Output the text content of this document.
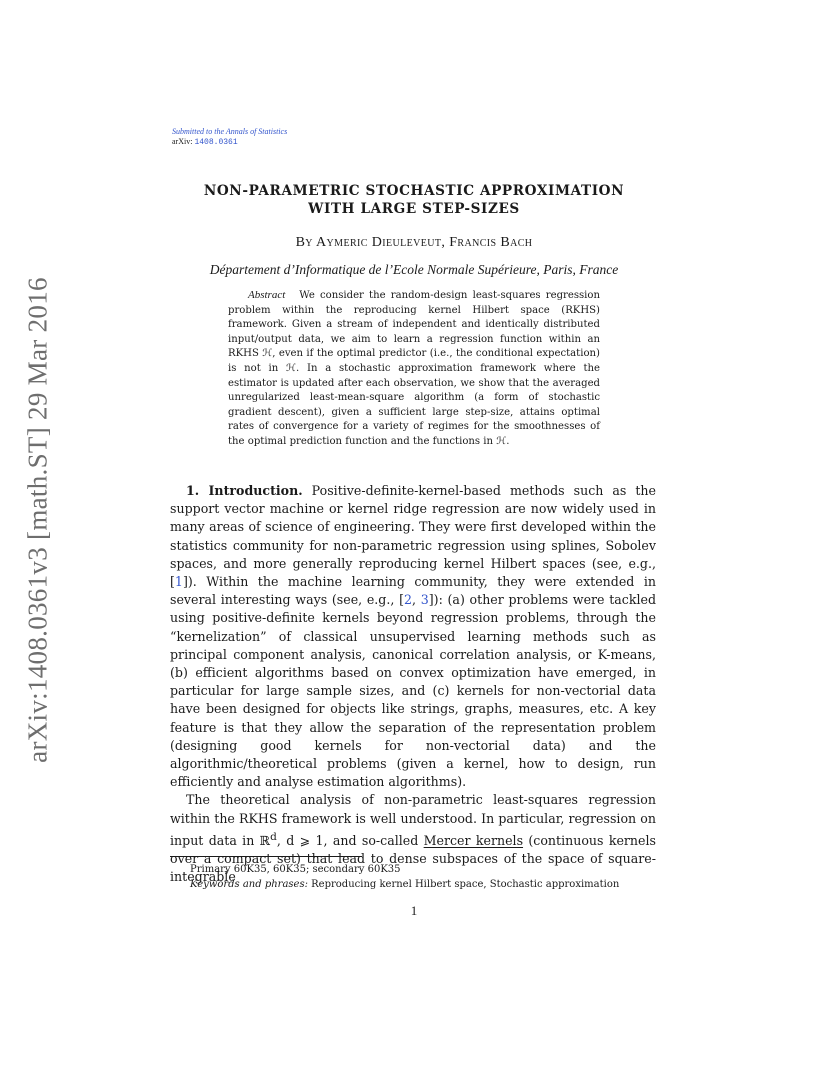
arXiv:1408.0361v3 [math.ST] 29 Mar 2016
Submitted to the Annals of Statistics
arXiv: 1408.0361
NON-PARAMETRIC STOCHASTIC APPROXIMATION
WITH LARGE STEP-SIZES
By Aymeric Dieuleveut, Francis Bach
Département d’Informatique de l’Ecole Normale Supérieure, Paris, France
Abstract We consider the random-design least-squares regression problem within the reproducing kernel Hilbert space (RKHS) framework. Given a stream of independent and identically distributed input/output data, we aim to learn a regression function within an RKHS ℋ, even if the optimal predictor (i.e., the conditional expectation) is not in ℋ. In a stochastic approximation framework where the estimator is updated after each observation, we show that the averaged unregularized least-mean-square algorithm (a form of stochastic gradient descent), given a sufficient large step-size, attains optimal rates of convergence for a variety of regimes for the smoothnesses of the optimal prediction function and the functions in ℋ.

1. Introduction. Positive-definite-kernel-based methods such as the support vector machine or kernel ridge regression are now widely used in many areas of science of engineering. They were first developed within the statistics community for non-parametric regression using splines, Sobolev spaces, and more generally reproducing kernel Hilbert spaces (see, e.g., [1]). Within the machine learning community, they were extended in several interesting ways (see, e.g., [2, 3]): (a) other problems were tackled using positive-definite kernels beyond regression problems, through the “kernelization” of classical unsupervised learning methods such as principal component analysis, canonical correlation analysis, or K-means, (b) efficient algorithms based on convex optimization have emerged, in particular for large sample sizes, and (c) kernels for non-vectorial data have been designed for objects like strings, graphs, measures, etc. A key feature is that they allow the separation of the representation problem (designing good kernels for non-vectorial data) and the algorithmic/theoretical problems (given a kernel, how to design, run efficiently and analyse estimation algorithms).

The theoretical analysis of non-parametric least-squares regression within the RKHS framework is well understood. In particular, regression on input data in ℝ$^d$, d ⩾ 1, and so-called Mercer kernels (continuous kernels over a compact set) that lead to dense subspaces of the space of square-integrable

Primary 60K35, 60K35; secondary 60K35
Keywords and phrases: Reproducing kernel Hilbert space, Stochastic approximation
1
